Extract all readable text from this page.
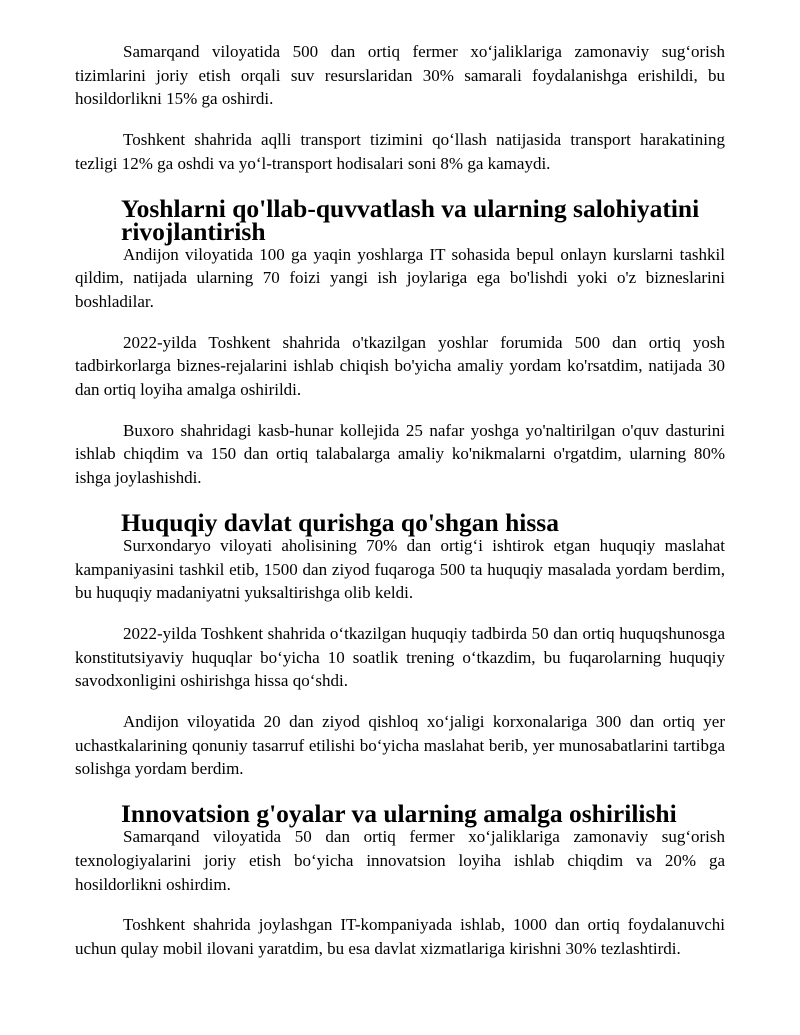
Samarqand viloyatida 500 dan ortiq fermer xo‘jaliklariga zamonaviy sug‘orish tizimlarini joriy etish orqali suv resurslaridan 30% samarali foydalanishga erishildi, bu hosildorlikni 15% ga oshirdi.

Toshkent shahrida aqlli transport tizimini qo‘llash natijasida transport harakatining tezligi 12% ga oshdi va yo‘l-transport hodisalari soni 8% ga kamaydi.

Yoshlarni qo'llab-quvvatlash va ularning salohiyatini rivojlantirish

Andijon viloyatida 100 ga yaqin yoshlarga IT sohasida bepul onlayn kurslarni tashkil qildim, natijada ularning 70 foizi yangi ish joylariga ega bo'lishdi yoki o'z bizneslarini boshladilar.

2022-yilda Toshkent shahrida o'tkazilgan yoshlar forumida 500 dan ortiq yosh tadbirkorlarga biznes-rejalarini ishlab chiqish bo'yicha amaliy yordam ko'rsatdim, natijada 30 dan ortiq loyiha amalga oshirildi.

Buxoro shahridagi kasb-hunar kollejida 25 nafar yoshga yo'naltirilgan o'quv dasturini ishlab chiqdim va 150 dan ortiq talabalarga amaliy ko'nikmalarni o'rgatdim, ularning 80% ishga joylashishdi.

Huquqiy davlat qurishga qo'shgan hissa

Surxondaryo viloyati aholisining 70% dan ortig‘i ishtirok etgan huquqiy maslahat kampaniyasini tashkil etib, 1500 dan ziyod fuqaroga 500 ta huquqiy masalada yordam berdim, bu huquqiy madaniyatni yuksaltirishga olib keldi.

2022-yilda Toshkent shahrida o‘tkazilgan huquqiy tadbirda 50 dan ortiq huquqshunosga konstitutsiyaviy huquqlar bo‘yicha 10 soatlik trening o‘tkazdim, bu fuqarolarning huquqiy savodxonligini oshirishga hissa qo‘shdi.

Andijon viloyatida 20 dan ziyod qishloq xo‘jaligi korxonalariga 300 dan ortiq yer uchastkalarining qonuniy tasarruf etilishi bo‘yicha maslahat berib, yer munosabatlarini tartibga solishga yordam berdim.

Innovatsion g'oyalar va ularning amalga oshirilishi

Samarqand viloyatida 50 dan ortiq fermer xo‘jaliklariga zamonaviy sug‘orish texnologiyalarini joriy etish bo‘yicha innovatsion loyiha ishlab chiqdim va 20% ga hosildorlikni oshirdim.

Toshkent shahrida joylashgan IT-kompaniyada ishlab, 1000 dan ortiq foydalanuvchi uchun qulay mobil ilovani yaratdim, bu esa davlat xizmatlariga kirishni 30% tezlashtirdi.
